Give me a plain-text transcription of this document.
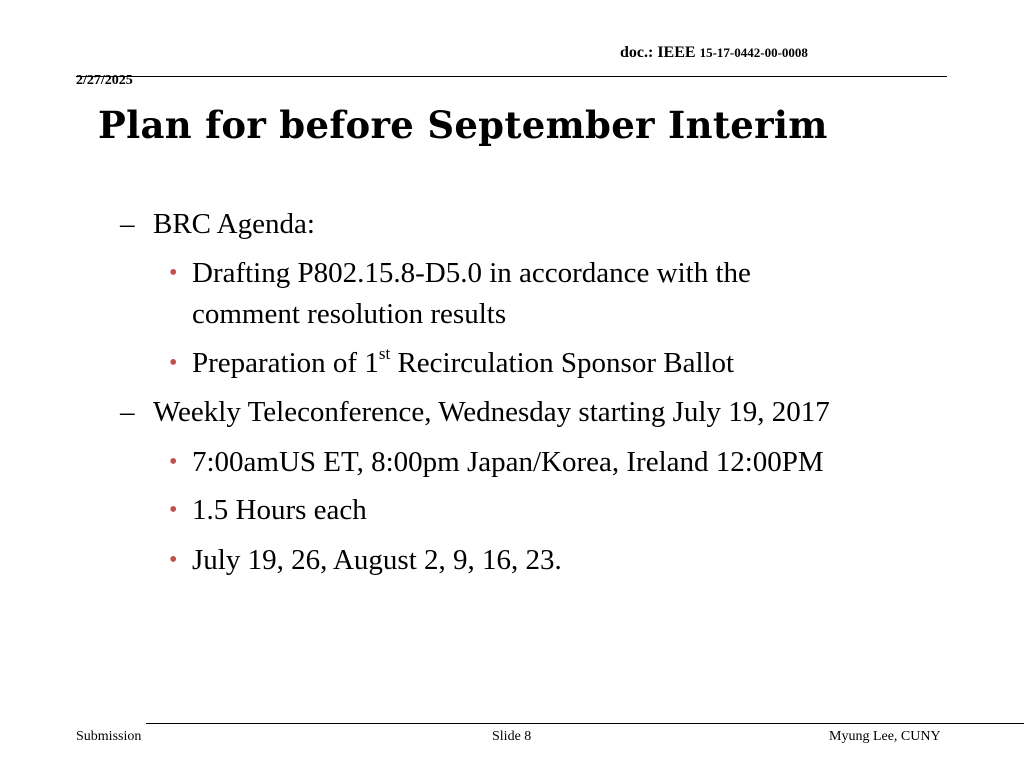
doc.: IEEE 15-17-0442-00-0008
2/27/2025
Plan for before September Interim
– BRC Agenda:
• Drafting P802.15.8-D5.0 in accordance with the
comment resolution results
• Preparation of 1st Recirculation Sponsor Ballot
– Weekly Teleconference, Wednesday starting July 19, 2017
• 7:00amUS ET, 8:00pm Japan/Korea, Ireland 12:00PM
• 1.5 Hours each
• July 19, 26, August 2, 9, 16, 23.
Submission	Slide 8	Myung Lee, CUNY
